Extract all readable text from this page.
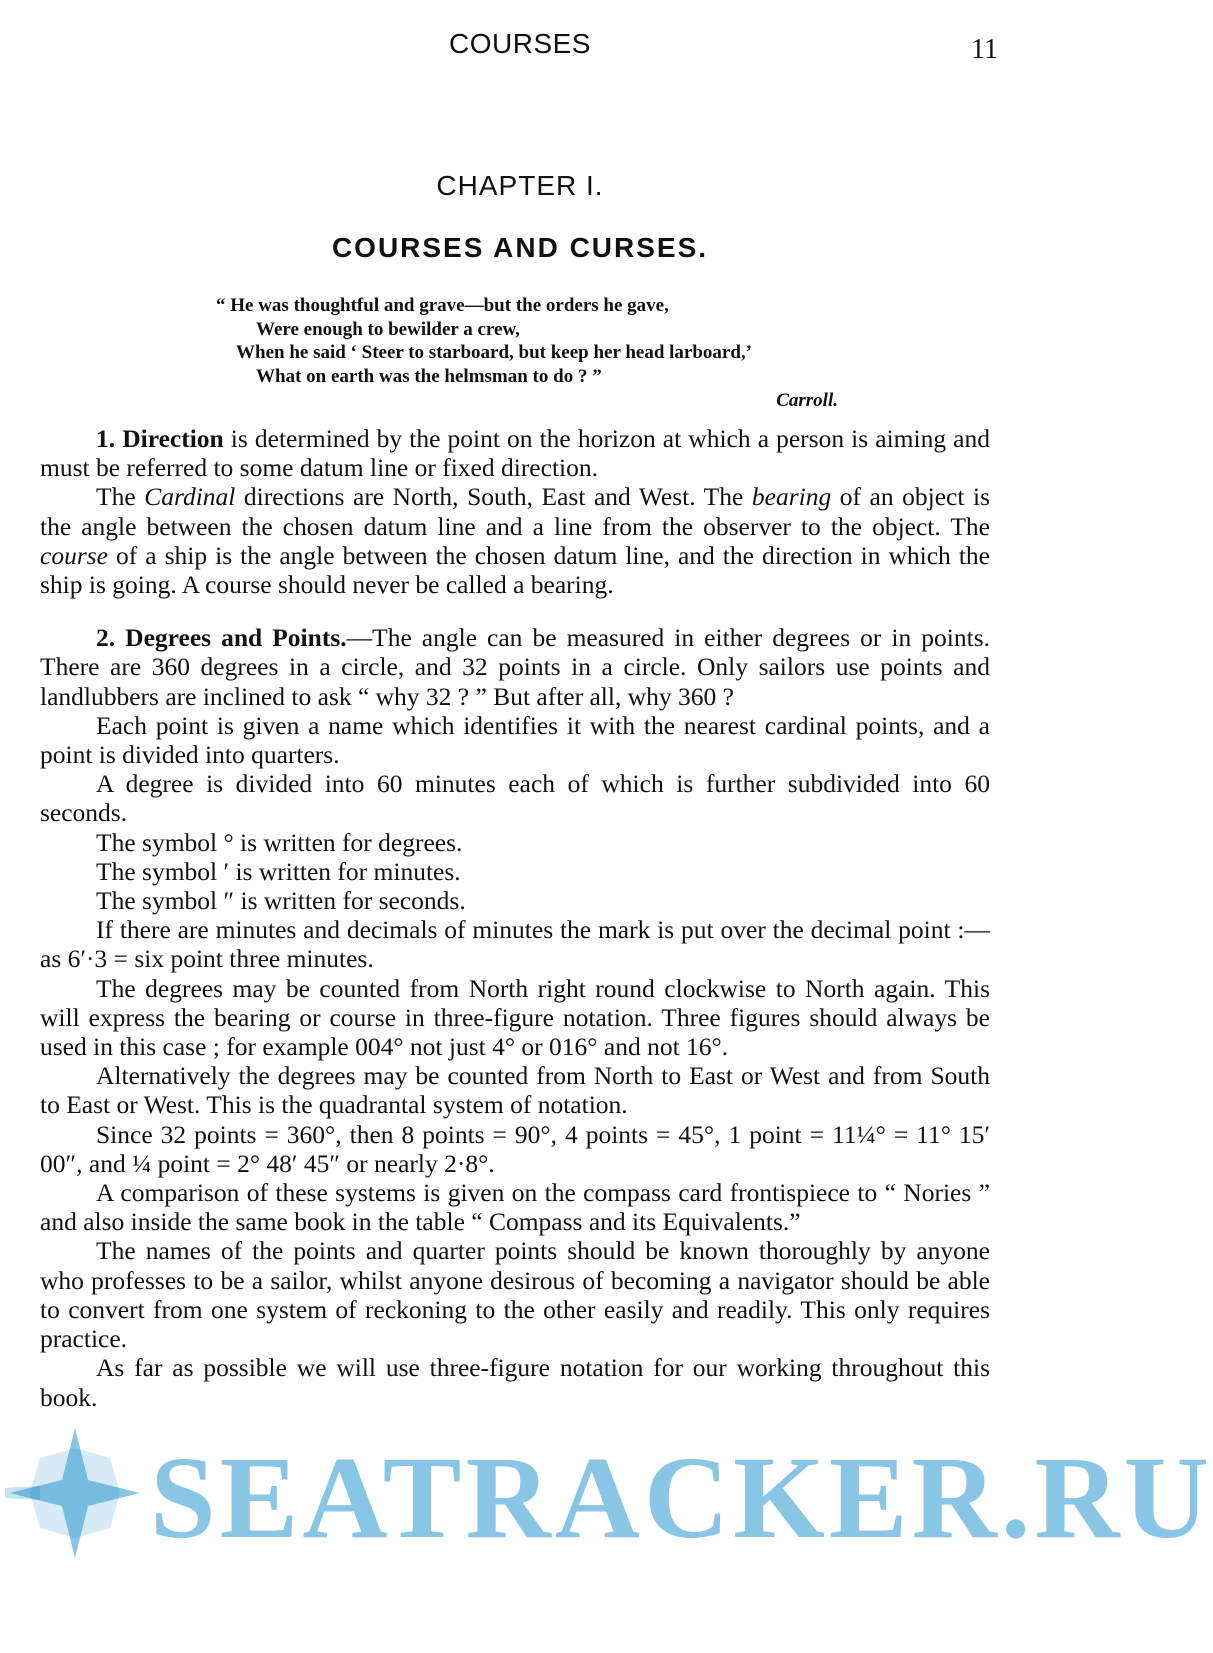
COURSES	11
CHAPTER I.
COURSES AND CURSES.
“ He was thoughtful and grave—but the orders he gave,
Were enough to bewilder a crew,
When he said ‘ Steer to starboard, but keep her head larboard,’
What on earth was the helmsman to do ? ”
Carroll.

1. Direction is determined by the point on the horizon at which a person is aiming and must be referred to some datum line or fixed direction.

The Cardinal directions are North, South, East and West. The bearing of an object is the angle between the chosen datum line and a line from the observer to the object. The course of a ship is the angle between the chosen datum line, and the direction in which the ship is going. A course should never be called a bearing.

2. Degrees and Points.—The angle can be measured in either degrees or in points. There are 360 degrees in a circle, and 32 points in a circle. Only sailors use points and landlubbers are inclined to ask “ why 32 ? ” But after all, why 360 ?

Each point is given a name which identifies it with the nearest cardinal points, and a point is divided into quarters.

A degree is divided into 60 minutes each of which is further subdivided into 60 seconds.

The symbol ° is written for degrees.

The symbol ′ is written for minutes.

The symbol ″ is written for seconds.

If there are minutes and decimals of minutes the mark is put over the decimal point :—as 6′·3 = six point three minutes.

The degrees may be counted from North right round clockwise to North again. This will express the bearing or course in three-figure notation. Three figures should always be used in this case ; for example 004° not just 4° or 016° and not 16°.

Alternatively the degrees may be counted from North to East or West and from South to East or West. This is the quadrantal system of notation.

Since 32 points = 360°, then 8 points = 90°, 4 points = 45°, 1 point = 11¼° = 11° 15′ 00″, and ¼ point = 2° 48′ 45″ or nearly 2·8°.

A comparison of these systems is given on the compass card frontispiece to “ Nories ” and also inside the same book in the table “ Compass and its Equivalents.”

The names of the points and quarter points should be known thoroughly by anyone who professes to be a sailor, whilst anyone desirous of becoming a navigator should be able to convert from one system of reckoning to the other easily and readily. This only requires practice.

As far as possible we will use three-figure notation for our working throughout this book.

SEATRACKER.RU
